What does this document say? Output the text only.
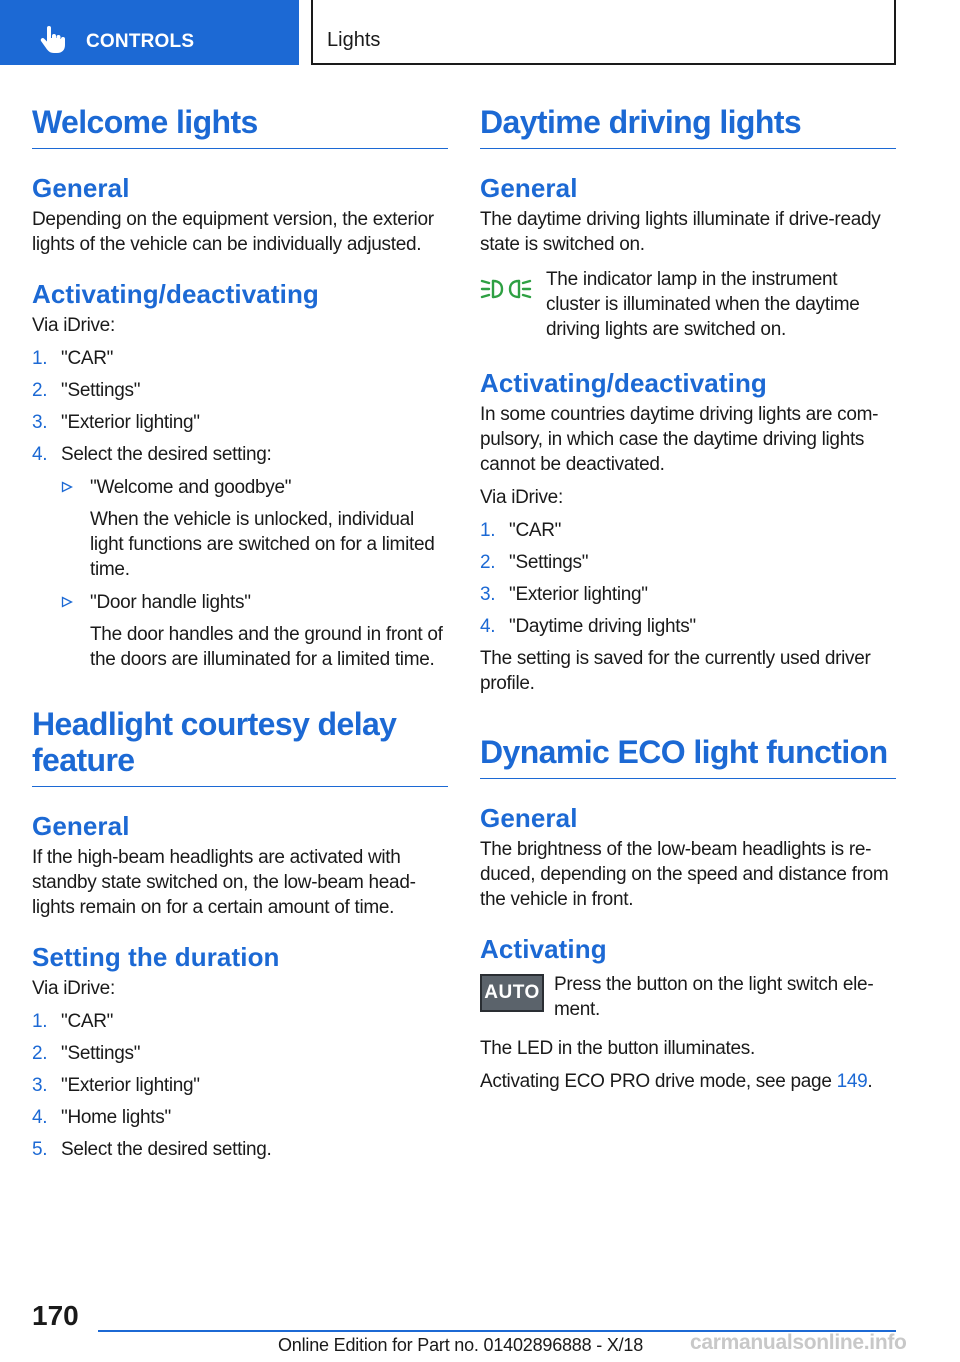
CONTROLS	Lights
Welcome lights
General

Depending on the equipment version, the exterior lights of the vehicle can be individually adjusted.

Activating/deactivating

Via iDrive:

1. "CAR"
2. "Settings"
3. "Exterior lighting"
4. Select the desired setting:
"Welcome and goodbye"
When the vehicle is unlocked, individual light functions are switched on for a limited time.
"Door handle lights"
The door handles and the ground in front of the doors are illuminated for a limited time.
Headlight courtesy delay feature
General

If the high-beam headlights are activated with standby state switched on, the low-beam headlights remain on for a certain amount of time.

Setting the duration

Via iDrive:

1. "CAR"
2. "Settings"
3. "Exterior lighting"
4. "Home lights"
5. Select the desired setting.
Daytime driving lights
General

The daytime driving lights illuminate if drive-ready state is switched on.

The indicator lamp in the instrument cluster is illuminated when the daytime driving lights are switched on.

Activating/deactivating

In some countries daytime driving lights are compulsory, in which case the daytime driving lights cannot be deactivated.

Via iDrive:

1. "CAR"
2. "Settings"
3. "Exterior lighting"
4. "Daytime driving lights"

The setting is saved for the currently used driver profile.

Dynamic ECO light function
General

The brightness of the low-beam headlights is reduced, depending on the speed and distance from the vehicle in front.

Activating
AUTO Press the button on the light switch element.

The LED in the button illuminates.

Activating ECO PRO drive mode, see page 149.

170
Online Edition for Part no. 01402896888 - X/18 carmanualsonline.info
